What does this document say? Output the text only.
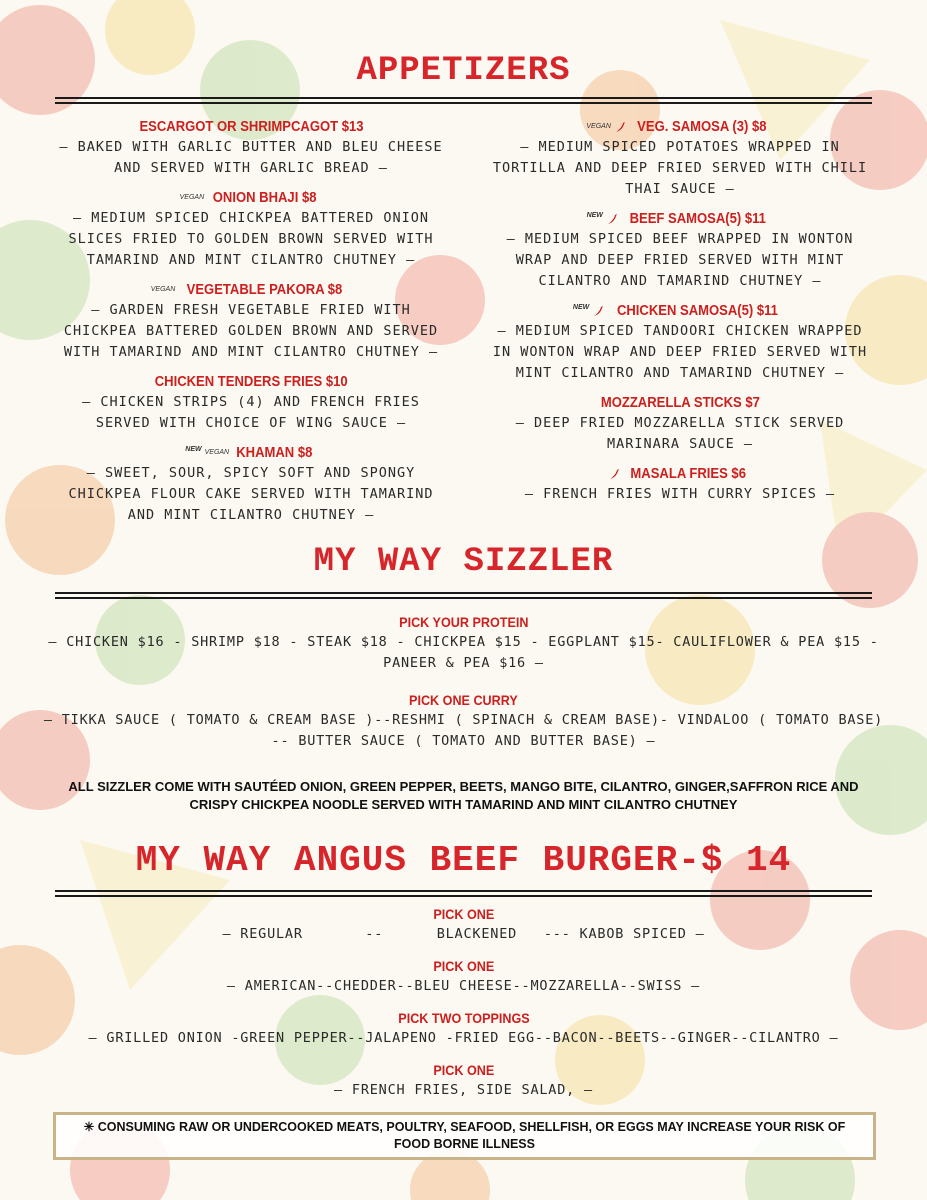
APPETIZERS
ESCARGOT OR SHRIMPCAGOT $13
– BAKED WITH GARLIC BUTTER AND BLEU CHEESE AND SERVED WITH GARLIC BREAD –
VEGAN ONION BHAJI $8
– MEDIUM SPICED CHICKPEA BATTERED ONION SLICES FRIED TO GOLDEN BROWN SERVED WITH TAMARIND AND MINT CILANTRO CHUTNEY –
VEGAN VEGETABLE PAKORA $8
– GARDEN FRESH VEGETABLE FRIED WITH CHICKPEA BATTERED GOLDEN BROWN AND SERVED WITH TAMARIND AND MINT CILANTRO CHUTNEY –
CHICKEN TENDERS FRIES $10
– CHICKEN STRIPS (4) AND FRENCH FRIES SERVED WITH CHOICE OF WING SAUCE –
$^{NEW}$ VEGAN KHAMAN $8
– SWEET, SOUR, SPICY SOFT AND SPONGY CHICKPEA FLOUR CAKE SERVED WITH TAMARIND AND MINT CILANTRO CHUTNEY –
VEGAN VEG. SAMOSA (3) $8
– MEDIUM SPICED POTATOES WRAPPED IN TORTILLA AND DEEP FRIED SERVED WITH CHILI THAI SAUCE –
$^{NEW}$ BEEF SAMOSA(5) $11
– MEDIUM SPICED BEEF WRAPPED IN WONTON WRAP AND DEEP FRIED SERVED WITH MINT CILANTRO AND TAMARIND CHUTNEY –
$^{NEW}$ CHICKEN SAMOSA(5) $11
– MEDIUM SPICED TANDOORI CHICKEN WRAPPED IN WONTON WRAP AND DEEP FRIED SERVED WITH MINT CILANTRO AND TAMARIND CHUTNEY –
MOZZARELLA STICKS $7
– DEEP FRIED MOZZARELLA STICK SERVED MARINARA SAUCE –
MASALA FRIES $6
– FRENCH FRIES WITH CURRY SPICES –
MY WAY SIZZLER
PICK YOUR PROTEIN
– CHICKEN $16 - SHRIMP $18 - STEAK $18 - CHICKPEA $15 - EGGPLANT $15- CAULIFLOWER & PEA $15 - PANEER & PEA $16 –
PICK ONE CURRY
– TIKKA SAUCE ( TOMATO & CREAM BASE )--RESHMI ( SPINACH & CREAM BASE)- VINDALOO ( TOMATO BASE) -- BUTTER SAUCE ( TOMATO AND BUTTER BASE) –
ALL SIZZLER COME WITH SAUTÉED ONION, GREEN PEPPER, BEETS, MANGO BITE, CILANTRO, GINGER,SAFFRON RICE AND CRISPY CHICKPEA NOODLE SERVED WITH TAMARIND AND MINT CILANTRO CHUTNEY
MY WAY ANGUS BEEF BURGER-$ 14
PICK ONE
– REGULAR       --      BLACKENED   --- KABOB SPICED –
PICK ONE
– AMERICAN--CHEDDER--BLEU CHEESE--MOZZARELLA--SWISS –
PICK TWO TOPPINGS
– GRILLED ONION -GREEN PEPPER--JALAPENO -FRIED EGG--BACON--BEETS--GINGER--CILANTRO –
PICK ONE
– FRENCH FRIES, SIDE SALAD, –
✳ CONSUMING RAW OR UNDERCOOKED MEATS, POULTRY, SEAFOOD, SHELLFISH, OR EGGS MAY INCREASE YOUR RISK OF FOOD BORNE ILLNESS
